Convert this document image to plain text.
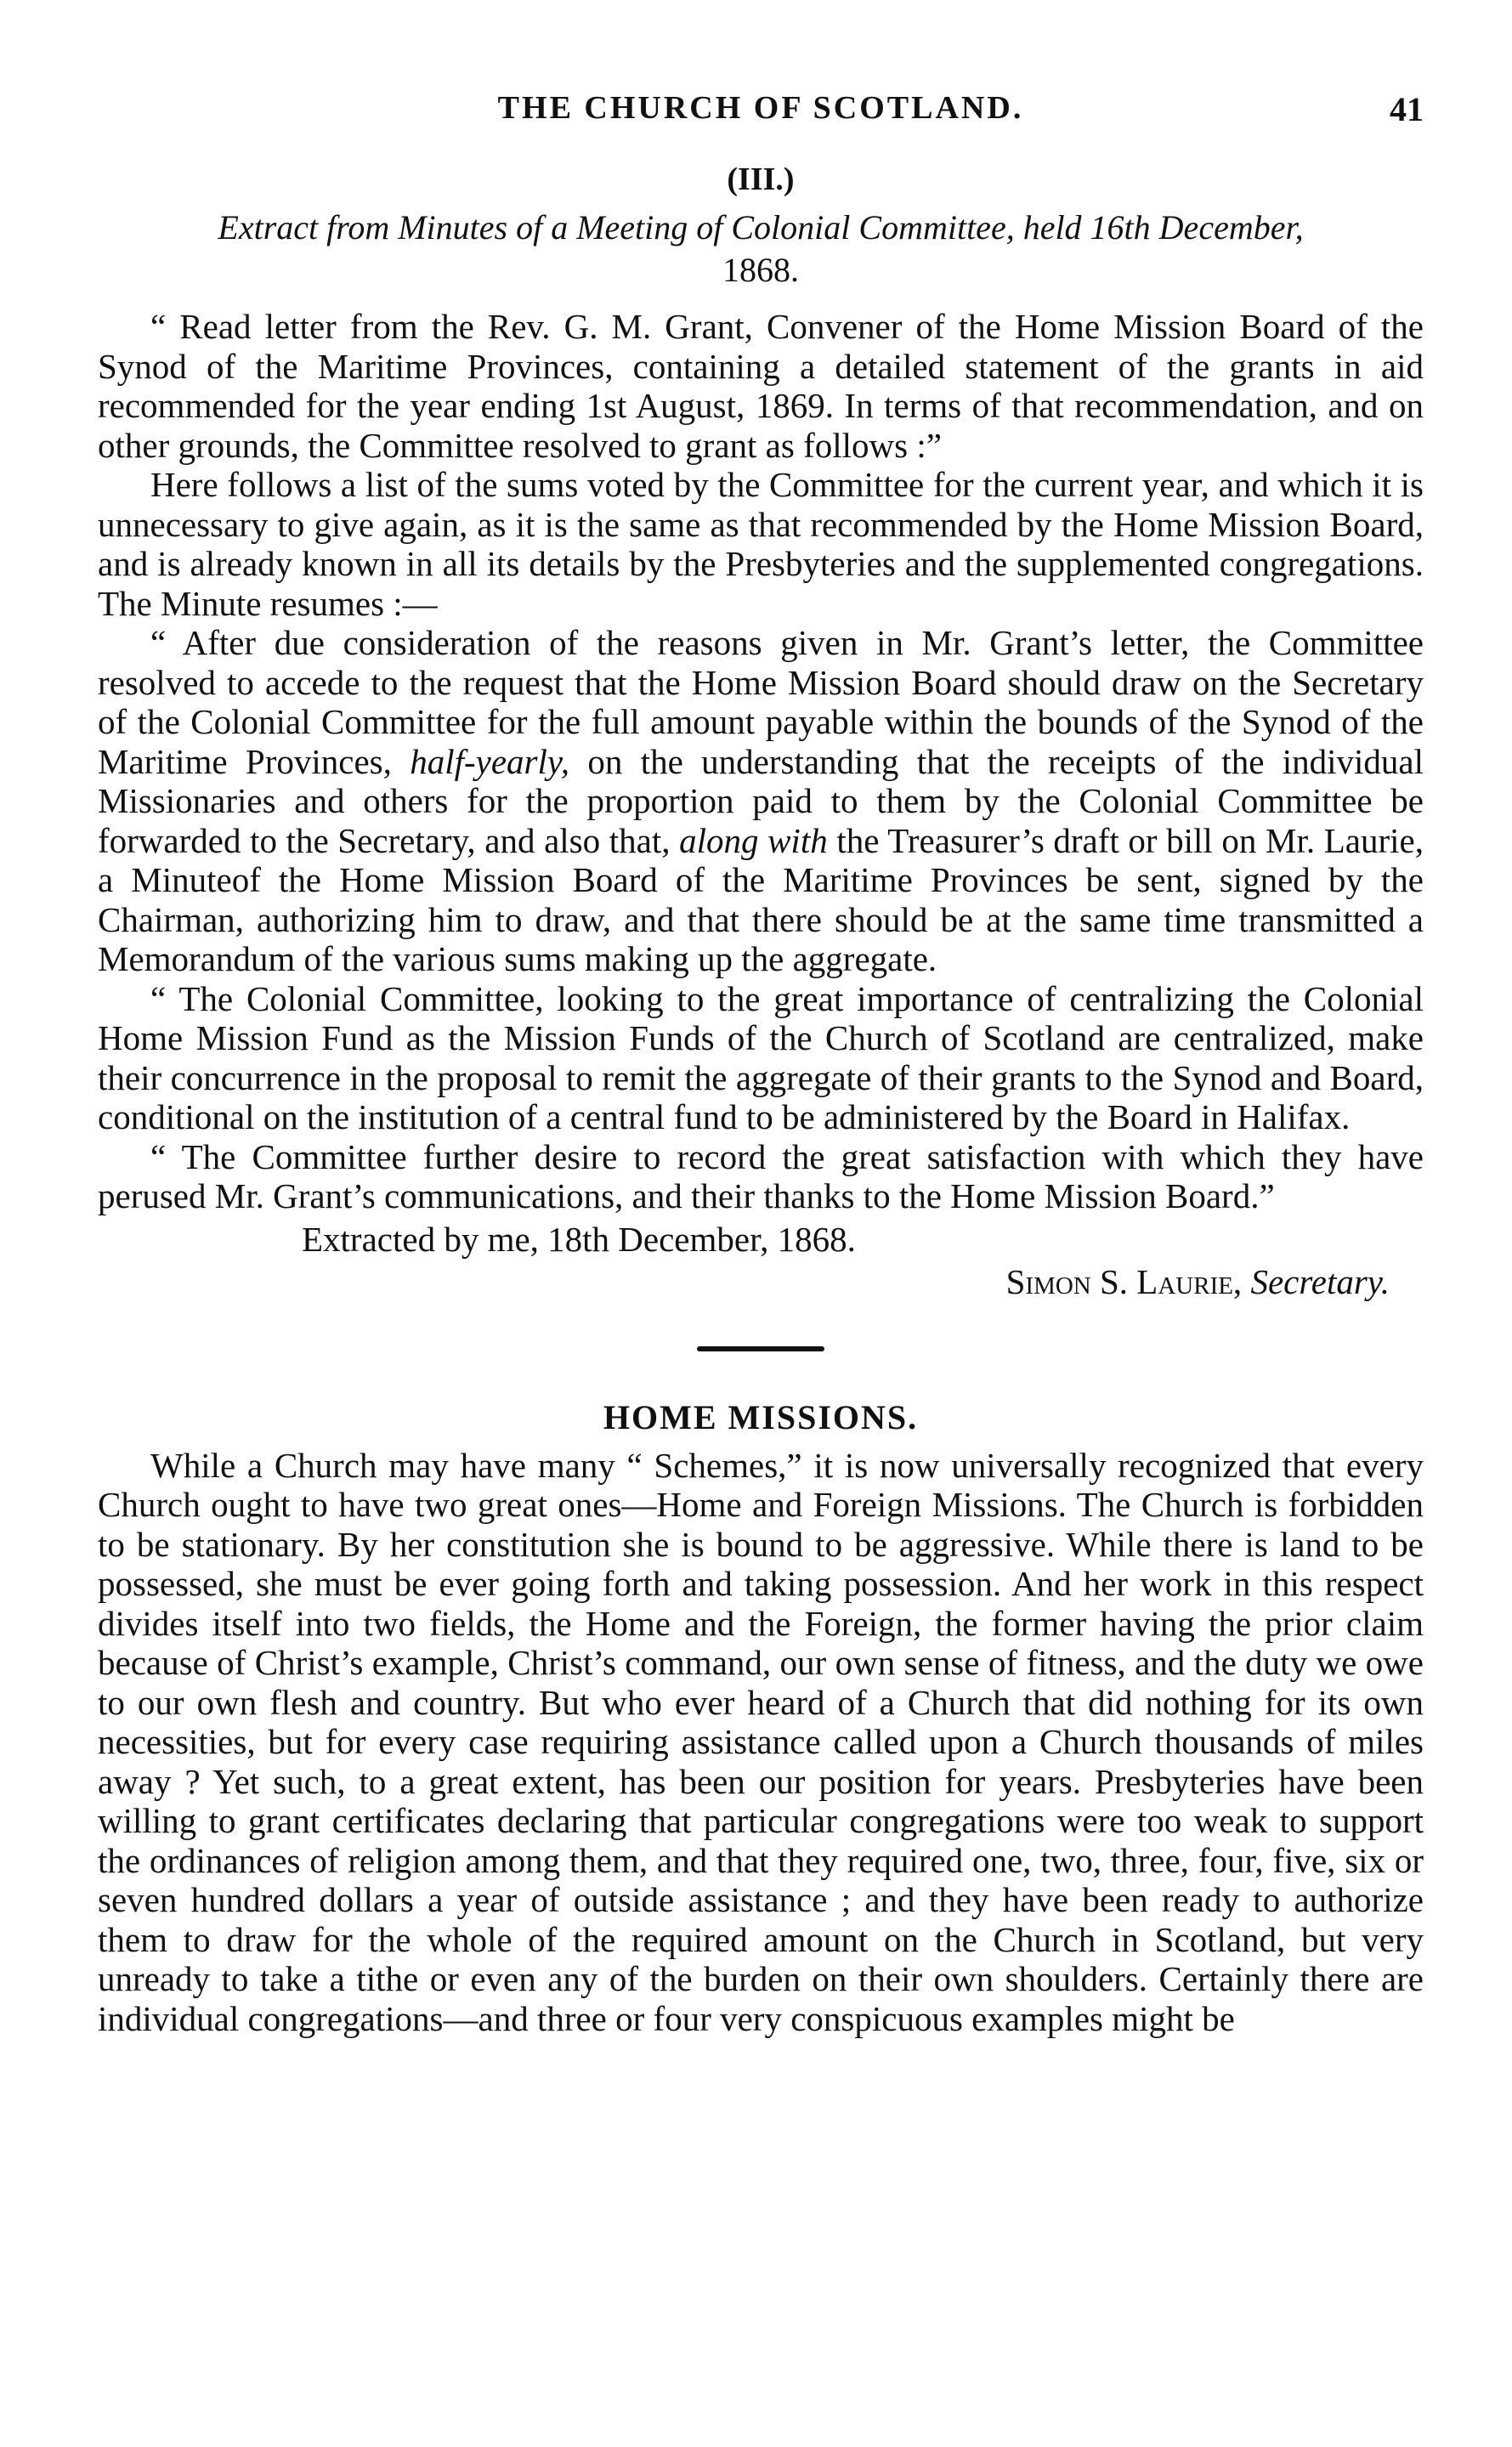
THE CHURCH OF SCOTLAND.	41
(III.)
Extract from Minutes of a Meeting of Colonial Committee, held 16th December,
1868.

“ Read letter from the Rev. G. M. Grant, Convener of the Home Mission Board of the Synod of the Maritime Provinces, containing a detailed statement of the grants in aid recommended for the year ending 1st August, 1869. In terms of that recommendation, and on other grounds, the Committee resolved to grant as follows :”

Here follows a list of the sums voted by the Committee for the current year, and which it is unnecessary to give again, as it is the same as that recommended by the Home Mission Board, and is already known in all its details by the Presbyteries and the supplemented congregations. The Minute resumes :—

“ After due consideration of the reasons given in Mr. Grant’s letter, the Committee resolved to accede to the request that the Home Mission Board should draw on the Secretary of the Colonial Committee for the full amount payable within the bounds of the Synod of the Maritime Provinces, half-yearly, on the understanding that the receipts of the individual Missionaries and others for the proportion paid to them by the Colonial Committee be forwarded to the Secretary, and also that, along with the Treasurer’s draft or bill on Mr. Laurie, a Minuteof the Home Mission Board of the Maritime Provinces be sent, signed by the Chairman, authorizing him to draw, and that there should be at the same time transmitted a Memorandum of the various sums making up the aggregate.

“ The Colonial Committee, looking to the great importance of centralizing the Colonial Home Mission Fund as the Mission Funds of the Church of Scotland are centralized, make their concurrence in the proposal to remit the aggregate of their grants to the Synod and Board, conditional on the institution of a central fund to be administered by the Board in Halifax.

“ The Committee further desire to record the great satisfaction with which they have perused Mr. Grant’s communications, and their thanks to the Home Mission Board.”

Extracted by me, 18th December, 1868.

Simon S. Laurie, Secretary.

HOME MISSIONS.

While a Church may have many “ Schemes,” it is now universally recognized that every Church ought to have two great ones—Home and Foreign Missions. The Church is forbidden to be stationary. By her constitution she is bound to be aggressive. While there is land to be possessed, she must be ever going forth and taking possession. And her work in this respect divides itself into two fields, the Home and the Foreign, the former having the prior claim because of Christ’s example, Christ’s command, our own sense of fitness, and the duty we owe to our own flesh and country. But who ever heard of a Church that did nothing for its own necessities, but for every case requiring assistance called upon a Church thousands of miles away ? Yet such, to a great extent, has been our position for years. Presbyteries have been willing to grant certificates declaring that particular congregations were too weak to support the ordinances of religion among them, and that they required one, two, three, four, five, six or seven hundred dollars a year of outside assistance ; and they have been ready to authorize them to draw for the whole of the required amount on the Church in Scotland, but very unready to take a tithe or even any of the burden on their own shoulders. Certainly there are individual congregations—and three or four very conspicuous examples might be
